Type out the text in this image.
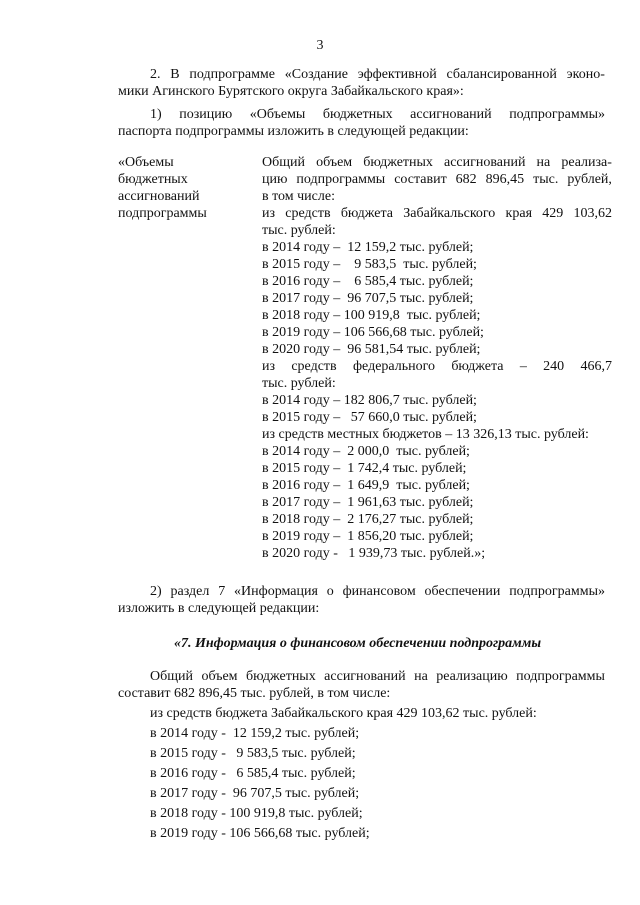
3
2. В подпрограмме «Создание эффективной сбалансированной эконо-
мики Агинского Бурятского округа Забайкальского края»:
1) позицию «Объемы бюджетных ассигнований подпрограммы»
паспорта подпрограммы изложить в следующей редакции:
«Объемы
бюджетных
ассигнований
подпрограммы
Общий объем бюджетных ассигнований на реализа-
цию подпрограммы составит 682 896,45 тыс. рублей,
в том числе:
из средств бюджета Забайкальского края 429 103,62
тыс. рублей:
в 2014 году –  12 159,2 тыс. рублей;
в 2015 году –    9 583,5  тыс. рублей;
в 2016 году –    6 585,4 тыс. рублей;
в 2017 году –  96 707,5 тыс. рублей;
в 2018 году – 100 919,8  тыс. рублей;
в 2019 году – 106 566,68 тыс. рублей;
в 2020 году –  96 581,54 тыс. рублей;
из средств федерального бюджета – 240 466,7
тыс. рублей:
в 2014 году – 182 806,7 тыс. рублей;
в 2015 году –   57 660,0 тыс. рублей;
из средств местных бюджетов – 13 326,13 тыс. рублей:
в 2014 году –  2 000,0  тыс. рублей;
в 2015 году –  1 742,4 тыс. рублей;
в 2016 году –  1 649,9  тыс. рублей;
в 2017 году –  1 961,63 тыс. рублей;
в 2018 году –  2 176,27 тыс. рублей;
в 2019 году –  1 856,20 тыс. рублей;
в 2020 году -   1 939,73 тыс. рублей.»;
2) раздел 7 «Информация о финансовом обеспечении подпрограммы»
изложить в следующей редакции:
«7. Информация о финансовом обеспечении подпрограммы
Общий объем бюджетных ассигнований на реализацию подпрограммы
составит 682 896,45 тыс. рублей, в том числе:
из средств бюджета Забайкальского края 429 103,62 тыс. рублей:
в 2014 году -  12 159,2 тыс. рублей;
в 2015 году -   9 583,5 тыс. рублей;
в 2016 году -   6 585,4 тыс. рублей;
в 2017 году -  96 707,5 тыс. рублей;
в 2018 году - 100 919,8 тыс. рублей;
в 2019 году - 106 566,68 тыс. рублей;
